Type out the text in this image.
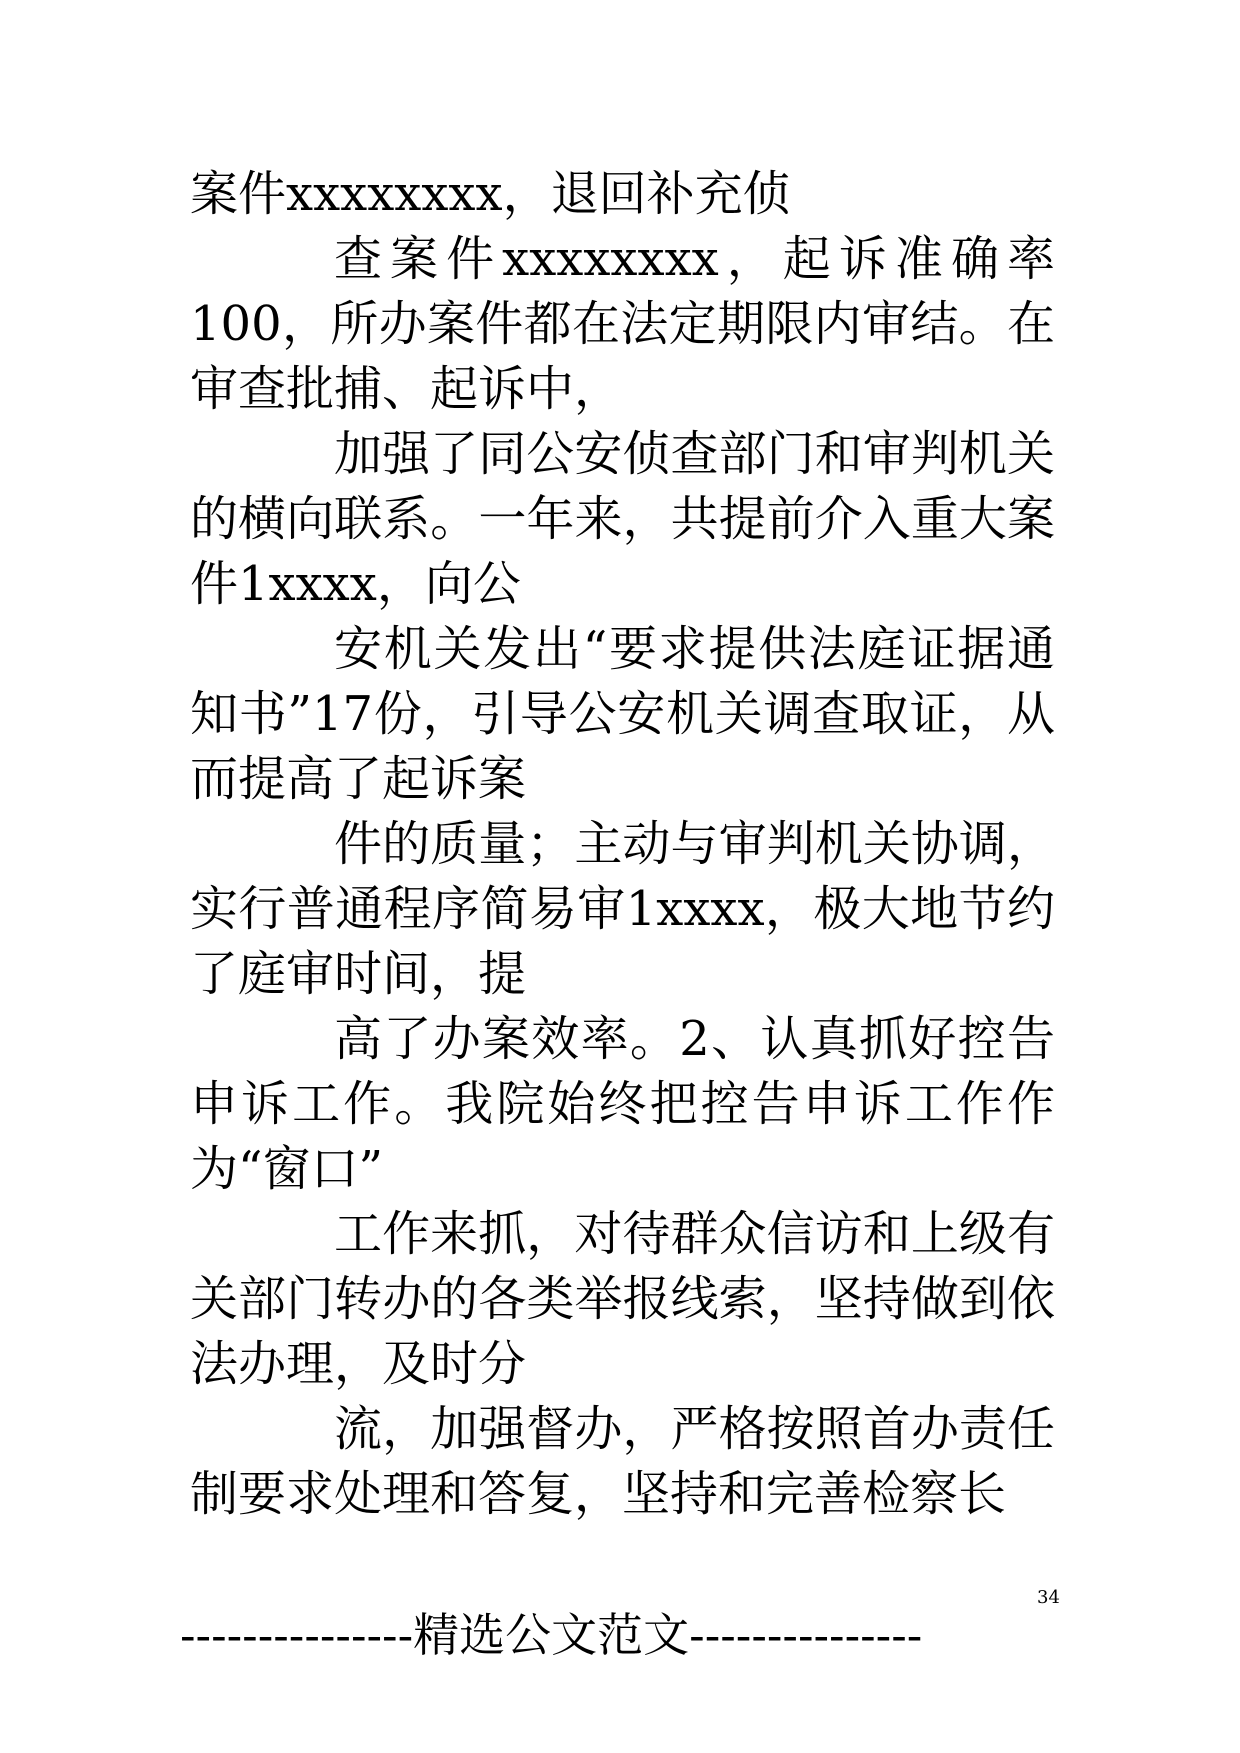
案件xxxxxxxx，退回补充侦

查案件xxxxxxxx，起诉准确率100，所办案件都在法定期限内审结。在审查批捕、起诉中，

加强了同公安侦查部门和审判机关的横向联系。一年来，共提前介入重大案件1xxxx，向公

安机关发出“要求提供法庭证据通知书”17份，引导公安机关调查取证，从而提高了起诉案

件的质量；主动与审判机关协调，实行普通程序简易审1xxxx，极大地节约了庭审时间，提

高了办案效率。2、认真抓好控告申诉工作。我院始终把控告申诉工作作为“窗口”

工作来抓，对待群众信访和上级有关部门转办的各类举报线索，坚持做到依法办理，及时分

流，加强督办，严格按照首办责任制要求处理和答复，坚持和完善检察长

34
---------------精选公文范文---------------
